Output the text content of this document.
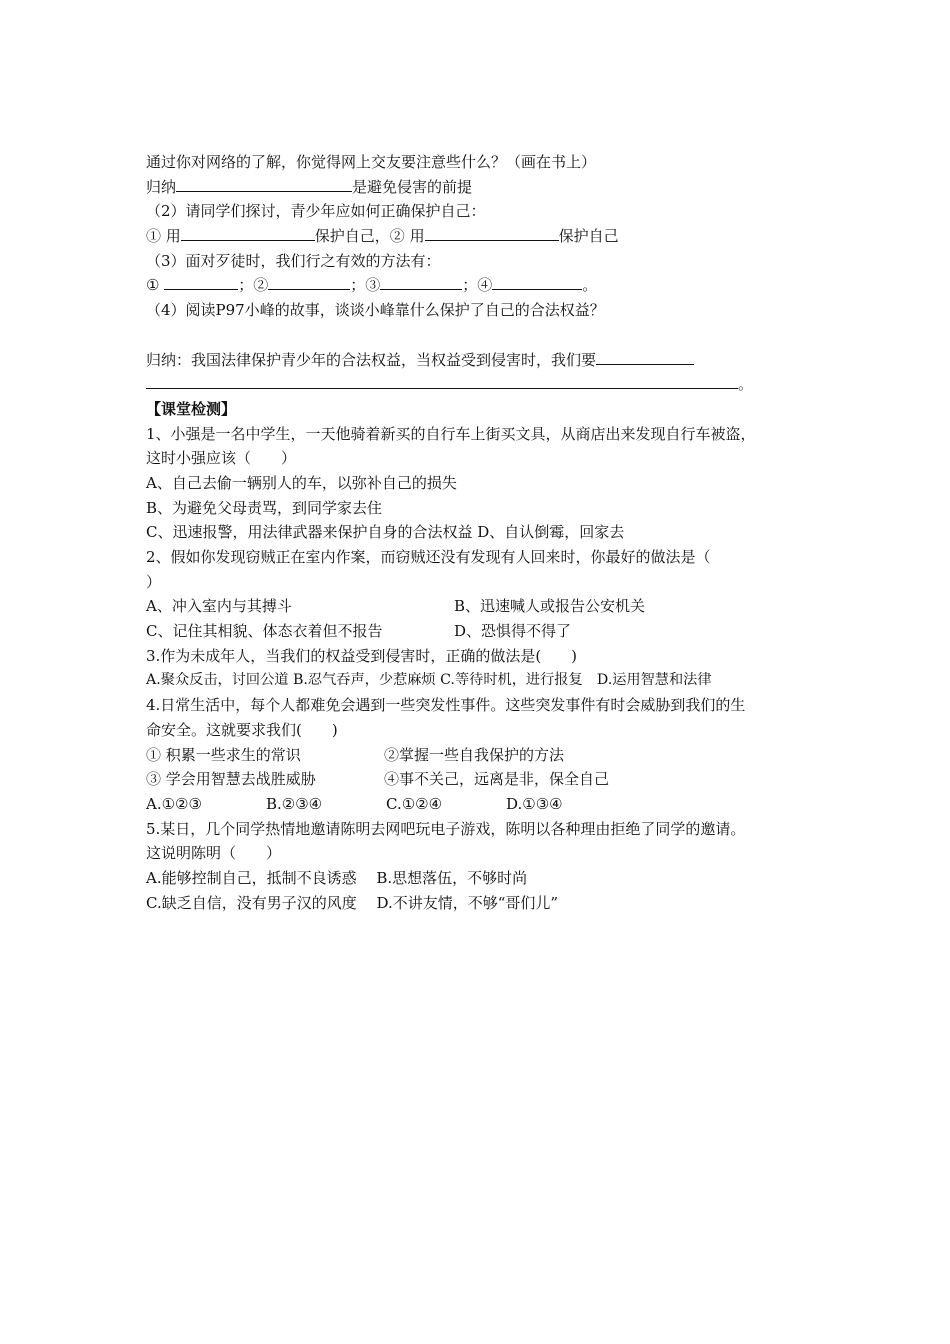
通过你对网络的了解，你觉得网上交友要注意些什么？（画在书上）
归纳	是避免侵害的前提
（2）请同学们探讨，青少年应如何正确保护自己：
① 用	保护自己，② 用	保护自己
（3）面对歹徒时，我们行之有效的方法有：
①	；②	；③	；④	。
（4）阅读P97小峰的故事，谈谈小峰靠什么保护了自己的合法权益？
归纳：我国法律保护青少年的合法权益，当权益受到侵害时，我们要
。
【课堂检测】
1、小强是一名中学生，一天他骑着新买的自行车上街买文具，从商店出来发现自行车被盗，
这时小强应该（　　）
A、自己去偷一辆别人的车，以弥补自己的损失
B、为避免父母责骂，到同学家去住
C、迅速报警，用法律武器来保护自身的合法权益 D、自认倒霉，回家去
2、假如你发现窃贼正在室内作案，而窃贼还没有发现有人回来时，你最好的做法是（
）
A、冲入室内与其搏斗	B、迅速喊人或报告公安机关
C、记住其相貌、体态衣着但不报告	D、恐惧得不得了
3.作为未成年人，当我们的权益受到侵害时，正确的做法是(　　)
A.聚众反击，讨回公道 B.忍气吞声，少惹麻烦 C.等待时机，进行报复　D.运用智慧和法律
4.日常生活中，每个人都难免会遇到一些突发性事件。这些突发事件有时会威胁到我们的生
命安全。这就要求我们(　　)
① 积累一些求生的常识	②掌握一些自我保护的方法
③ 学会用智慧去战胜威胁	④事不关己，远离是非，保全自己
A.①②③	B.②③④	C.①②④	D.①③④
5.某日，几个同学热情地邀请陈明去网吧玩电子游戏，陈明以各种理由拒绝了同学的邀请。
这说明陈明（　　）
A.能够控制自己，抵制不良诱惑　 B.思想落伍，不够时尚
C.缺乏自信，没有男子汉的风度　 D.不讲友情，不够“哥们儿”
